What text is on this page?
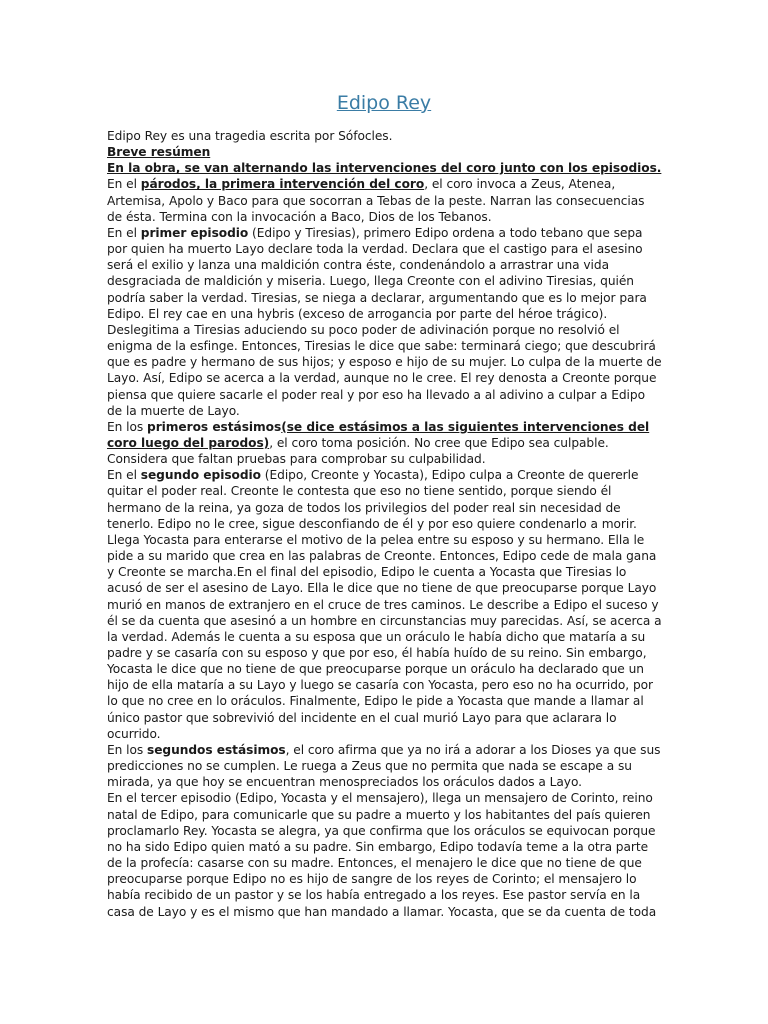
Edipo Rey

Edipo Rey es una tragedia escrita por Sófocles.

Breve resúmen

En la obra, se van alternando las intervenciones del coro junto con los episodios.

En el párodos, la primera intervención del coro, el coro invoca a Zeus, Atenea, Artemisa, Apolo y Baco para que socorran a Tebas de la peste. Narran las consecuencias de ésta. Termina con la invocación a Baco, Dios de los Tebanos.

En el primer episodio (Edipo y Tiresias), primero Edipo ordena a todo tebano que sepa por quien ha muerto Layo declare toda la verdad. Declara que el castigo para el asesino será el exilio y lanza una maldición contra éste, condenándolo a arrastrar una vida desgraciada de maldición y miseria. Luego, llega Creonte con el adivino Tiresias, quién podría saber la verdad. Tiresias, se niega a declarar, argumentando que es lo mejor para Edipo. El rey cae en una hybris (exceso de arrogancia por parte del héroe trágico). Deslegitima a Tiresias aduciendo su poco poder de adivinación porque no resolvió el enigma de la esfinge. Entonces, Tiresias le dice que sabe: terminará ciego; que descubrirá que es padre y hermano de sus hijos; y esposo e hijo de su mujer. Lo culpa de la muerte de Layo. Así, Edipo se acerca a la verdad, aunque no le cree. El rey denosta a Creonte porque piensa que quiere sacarle el poder real y por eso ha llevado a al adivino a culpar a Edipo de la muerte de Layo.

En los primeros estásimos(se dice estásimos a las siguientes intervenciones del coro luego del parodos), el coro toma posición. No cree que Edipo sea culpable. Considera que faltan pruebas para comprobar su culpabilidad.

En el segundo episodio (Edipo, Creonte y Yocasta), Edipo culpa a Creonte de quererle quitar el poder real. Creonte le contesta que eso no tiene sentido, porque siendo él hermano de la reina, ya goza de todos los privilegios del poder real sin necesidad de tenerlo. Edipo no le cree, sigue desconfiando de él y por eso quiere condenarlo a morir. Llega Yocasta para enterarse el motivo de la pelea entre su esposo y su hermano. Ella le pide a su marido que crea en las palabras de Creonte. Entonces, Edipo cede de mala gana y Creonte se marcha.En el final del episodio, Edipo le cuenta a Yocasta que Tiresias lo acusó de ser el asesino de Layo. Ella le dice que no tiene de que preocuparse porque Layo murió en manos de extranjero en el cruce de tres caminos. Le describe a Edipo el suceso y él se da cuenta que asesinó a un hombre en circunstancias muy parecidas. Así, se acerca a la verdad. Además le cuenta a su esposa que un oráculo le había dicho que mataría a su padre y se casaría con su esposo y que por eso, él había huído de su reino. Sin embargo, Yocasta le dice que no tiene de que preocuparse porque un oráculo ha declarado que un hijo de ella mataría a su Layo y luego se casaría con Yocasta, pero eso no ha ocurrido, por lo que no cree en lo oráculos. Finalmente, Edipo le pide a Yocasta que mande a llamar al único pastor que sobrevivió del incidente en el cual murió Layo para que aclarara lo ocurrido.

En los segundos estásimos, el coro afirma que ya no irá a adorar a los Dioses ya que sus predicciones no se cumplen. Le ruega a Zeus que no permita que nada se escape a su mirada, ya que hoy se encuentran menospreciados los oráculos dados a Layo.

En el tercer episodio (Edipo, Yocasta y el mensajero), llega un mensajero de Corinto, reino natal de Edipo, para comunicarle que su padre a muerto y los habitantes del país quieren proclamarlo Rey. Yocasta se alegra, ya que confirma que los oráculos se equivocan porque no ha sido Edipo quien mató a su padre. Sin embargo, Edipo todavía teme a la otra parte de la profecía: casarse con su madre. Entonces, el menajero le dice que no tiene de que preocuparse porque Edipo no es hijo de sangre de los reyes de Corinto; el mensajero lo había recibido de un pastor y se los había entregado a los reyes. Ese pastor servía en la casa de Layo y es el mismo que han mandado a llamar. Yocasta, que se da cuenta de toda
